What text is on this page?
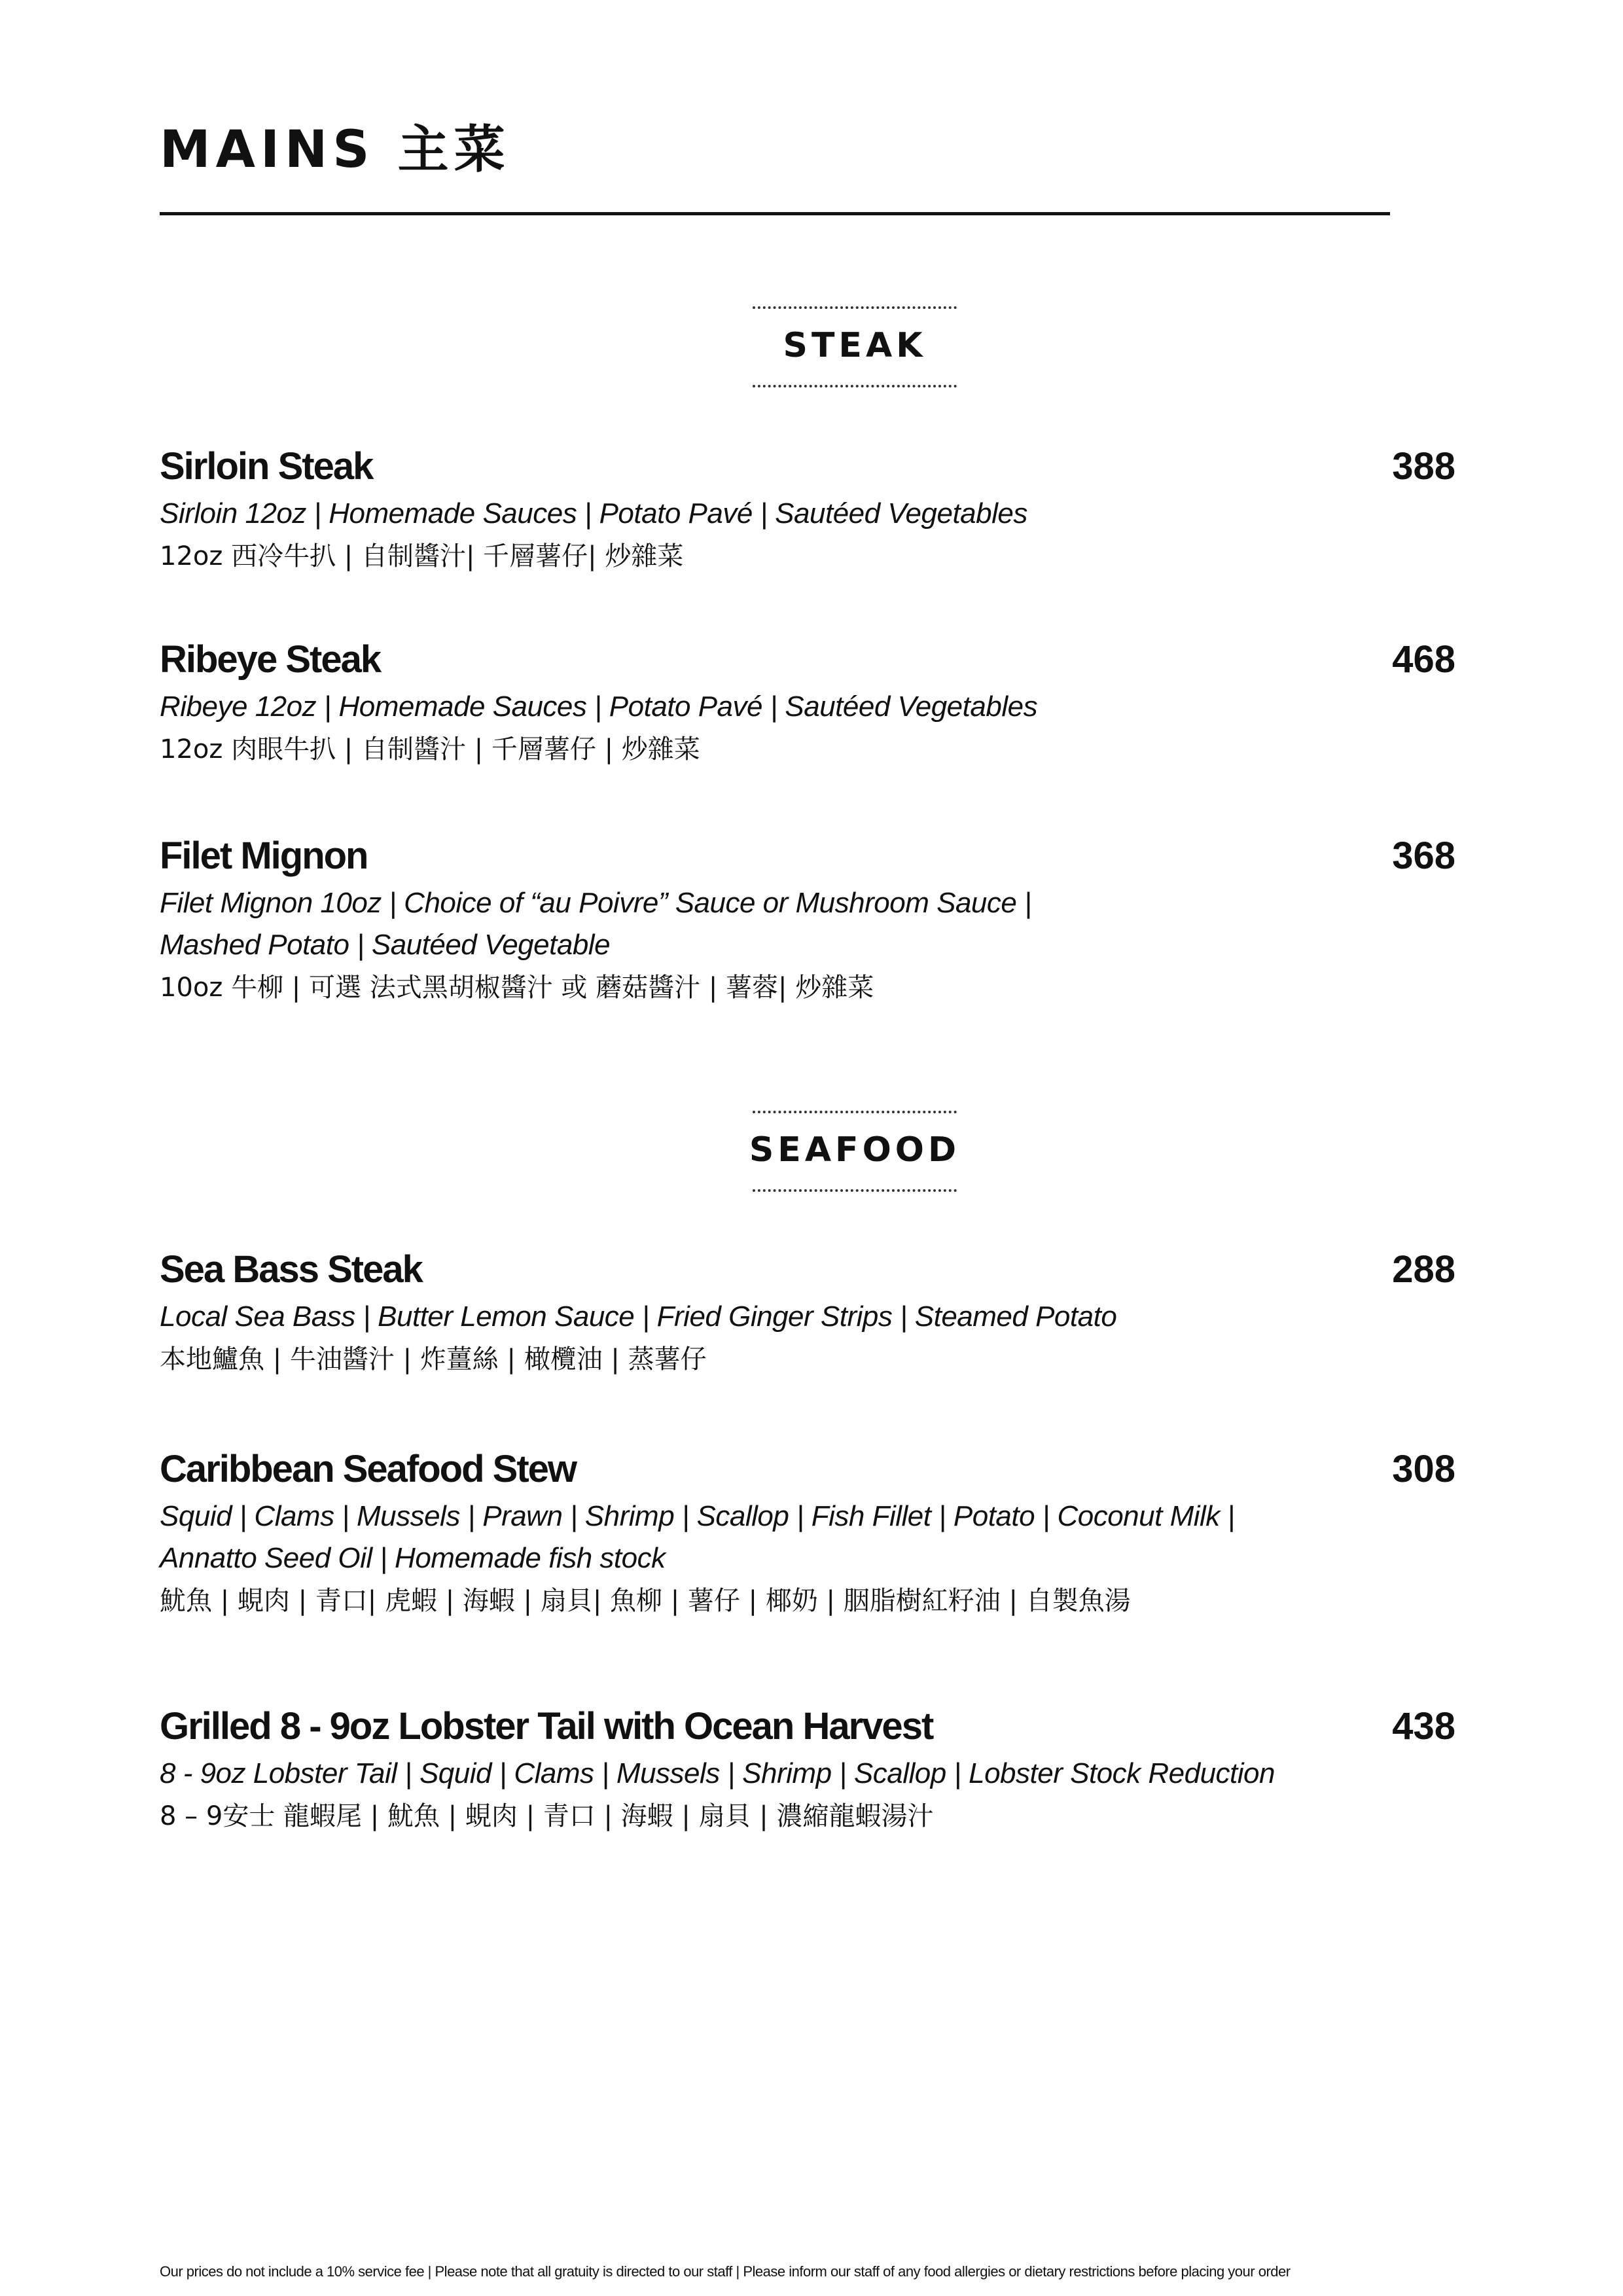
MAINS 主菜
STEAK
Sirloin Steak	388
Sirloin 12oz | Homemade Sauces | Potato Pavé | Sautéed Vegetables
12oz 西冷牛扒 | 自制醬汁| 千層薯仔| 炒雜菜
Ribeye Steak	468
Ribeye 12oz | Homemade Sauces | Potato Pavé | Sautéed Vegetables
12oz 肉眼牛扒 | 自制醬汁 | 千層薯仔 | 炒雜菜
Filet Mignon	368
Filet Mignon 10oz | Choice of “au Poivre” Sauce or Mushroom Sauce |
Mashed Potato | Sautéed Vegetable
10oz 牛柳 | 可選 法式黑胡椒醬汁 或 蘑菇醬汁 | 薯蓉| 炒雜菜
SEAFOOD
Sea Bass Steak	288
Local Sea Bass | Butter Lemon Sauce | Fried Ginger Strips | Steamed Potato
本地鱸魚 | 牛油醬汁 | 炸薑絲 | 橄欖油 | 蒸薯仔
Caribbean Seafood Stew	308
Squid | Clams | Mussels | Prawn | Shrimp | Scallop | Fish Fillet | Potato | Coconut Milk |
Annatto Seed Oil | Homemade fish stock
魷魚 | 蜆肉 | 青口| 虎蝦 | 海蝦 | 扇貝| 魚柳 | 薯仔 | 椰奶 | 胭脂樹紅籽油 | 自製魚湯
Grilled 8 - 9oz Lobster Tail with Ocean Harvest	438
8 - 9oz Lobster Tail | Squid | Clams | Mussels | Shrimp | Scallop | Lobster Stock Reduction
8 – 9安士 龍蝦尾 | 魷魚 | 蜆肉 | 青口 | 海蝦 | 扇貝 | 濃縮龍蝦湯汁
Our prices do not include a 10% service fee | Please note that all gratuity is directed to our staff | Please inform our staff of any food allergies or dietary restrictions before placing your order
